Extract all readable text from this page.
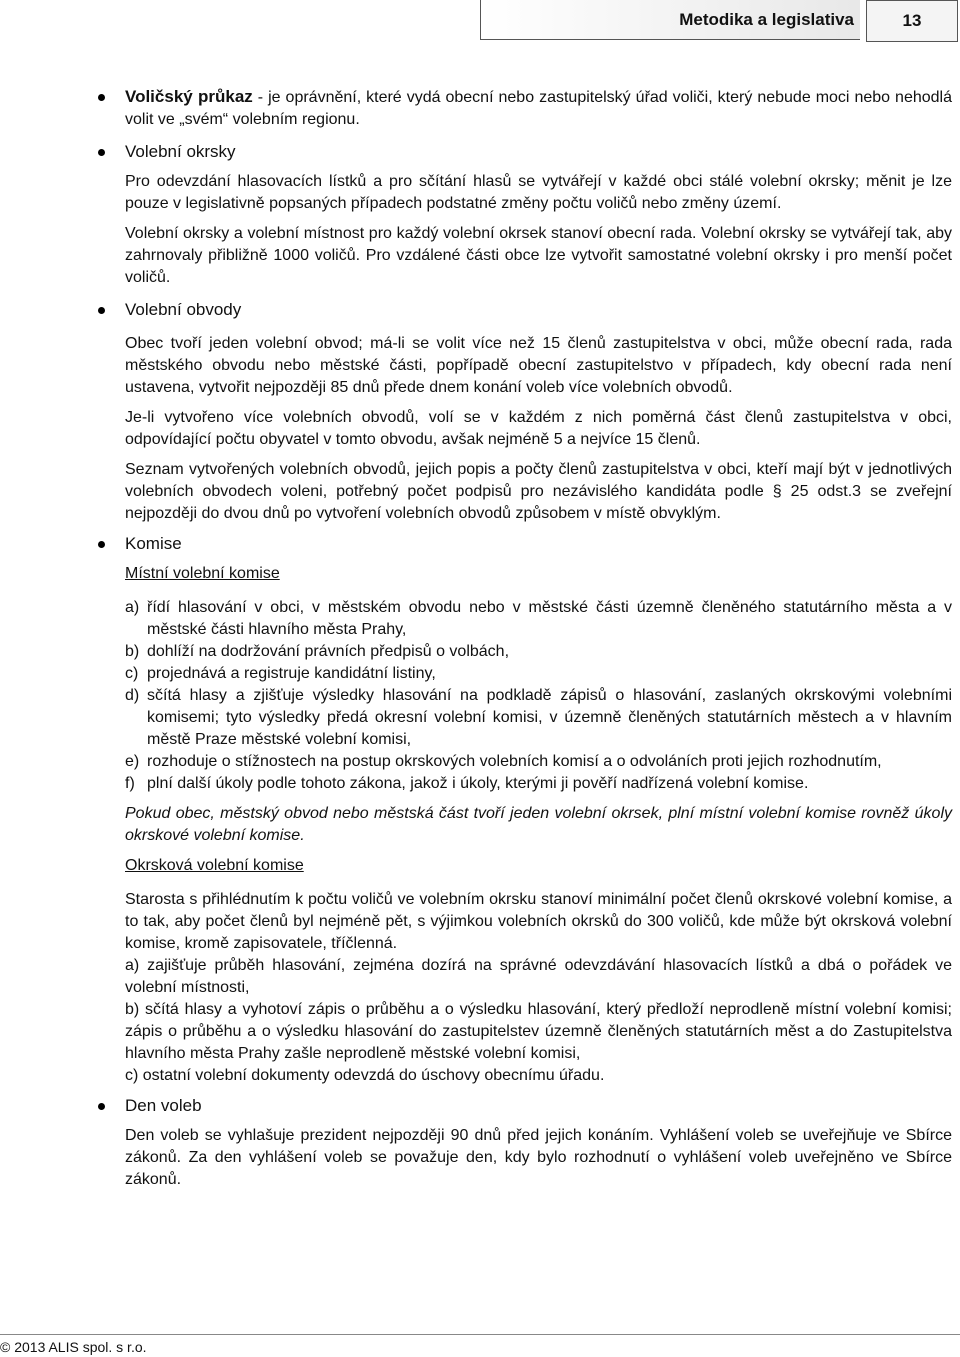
Metodika a legislativa	13

Voličský průkaz - je oprávnění, které vydá obecní nebo zastupitelský úřad voliči, který nebude moci nebo nehodlá volit ve „svém“ volebním regionu.

Volební okrsky

Pro odevzdání hlasovacích lístků a pro sčítání hlasů se vytvářejí v každé obci stálé volební okrsky; měnit je lze pouze v legislativně popsaných případech podstatné změny počtu voličů nebo změny území.

Volební okrsky a volební místnost pro každý volební okrsek stanoví obecní rada. Volební okrsky se vytvářejí tak, aby zahrnovaly přibližně 1000 voličů. Pro vzdálené části obce lze vytvořit samostatné volební okrsky i pro menší počet voličů.

Volební obvody

Obec tvoří jeden volební obvod; má-li se volit více než 15 členů zastupitelstva v obci, může obecní rada, rada městského obvodu nebo městské části, popřípadě obecní zastupitelstvo v případech, kdy obecní rada není ustavena, vytvořit nejpozději 85 dnů přede dnem konání voleb více volebních obvodů.

Je-li vytvořeno více volebních obvodů, volí se v každém z nich poměrná část členů zastupitelstva v obci, odpovídající počtu obyvatel v tomto obvodu, avšak nejméně 5 a nejvíce 15 členů.

Seznam vytvořených volebních obvodů, jejich popis a počty členů zastupitelstva v obci, kteří mají být v jednotlivých volebních obvodech voleni, potřebný počet podpisů pro nezávislého kandidáta podle § 25 odst.3 se zveřejní nejpozději do dvou dnů po vytvoření volebních obvodů způsobem v místě obvyklým.

Komise

Místní volební komise

a) řídí hlasování v obci, v městském obvodu nebo v městské části územně členěného statutárního města a v městské části hlavního města Prahy,
b) dohlíží na dodržování právních předpisů o volbách,
c) projednává a registruje kandidátní listiny,
d) sčítá hlasy a zjišťuje výsledky hlasování na podkladě zápisů o hlasování, zaslaných okrskovými volebními komisemi; tyto výsledky předá okresní volební komisi, v územně členěných statutárních městech a v hlavním městě Praze městské volební komisi,
e) rozhoduje o stížnostech na postup okrskových volebních komisí a o odvoláních proti jejich rozhodnutím,
f) plní další úkoly podle tohoto zákona, jakož i úkoly, kterými ji pověří nadřízená volební komise.

Pokud obec, městský obvod nebo městská část tvoří jeden volební okrsek, plní místní volební komise rovněž úkoly okrskové volební komise.

Okrsková volební komise

Starosta s přihlédnutím k počtu voličů ve volebním okrsku stanoví minimální počet členů okrskové volební komise, a to tak, aby počet členů byl nejméně pět, s výjimkou volebních okrsků do 300 voličů, kde může být okrsková volební komise, kromě zapisovatele, tříčlenná.

a) zajišťuje průběh hlasování, zejména dozírá na správné odevzdávání hlasovacích lístků a dbá o pořádek ve volební místnosti,

b) sčítá hlasy a vyhotoví zápis o průběhu a o výsledku hlasování, který předloží neprodleně místní volební komisi; zápis o průběhu a o výsledku hlasování do zastupitelstev územně členěných statutárních měst a do Zastupitelstva hlavního města Prahy zašle neprodleně městské volební komisi,

c) ostatní volební dokumenty odevzdá do úschovy obecnímu úřadu.

Den voleb

Den voleb se vyhlašuje prezident nejpozději 90 dnů před jejich konáním. Vyhlášení voleb se uveřejňuje ve Sbírce zákonů. Za den vyhlášení voleb se považuje den, kdy bylo rozhodnutí o vyhlášení voleb uveřejněno ve Sbírce zákonů.

© 2013 ALIS spol. s r.o.
